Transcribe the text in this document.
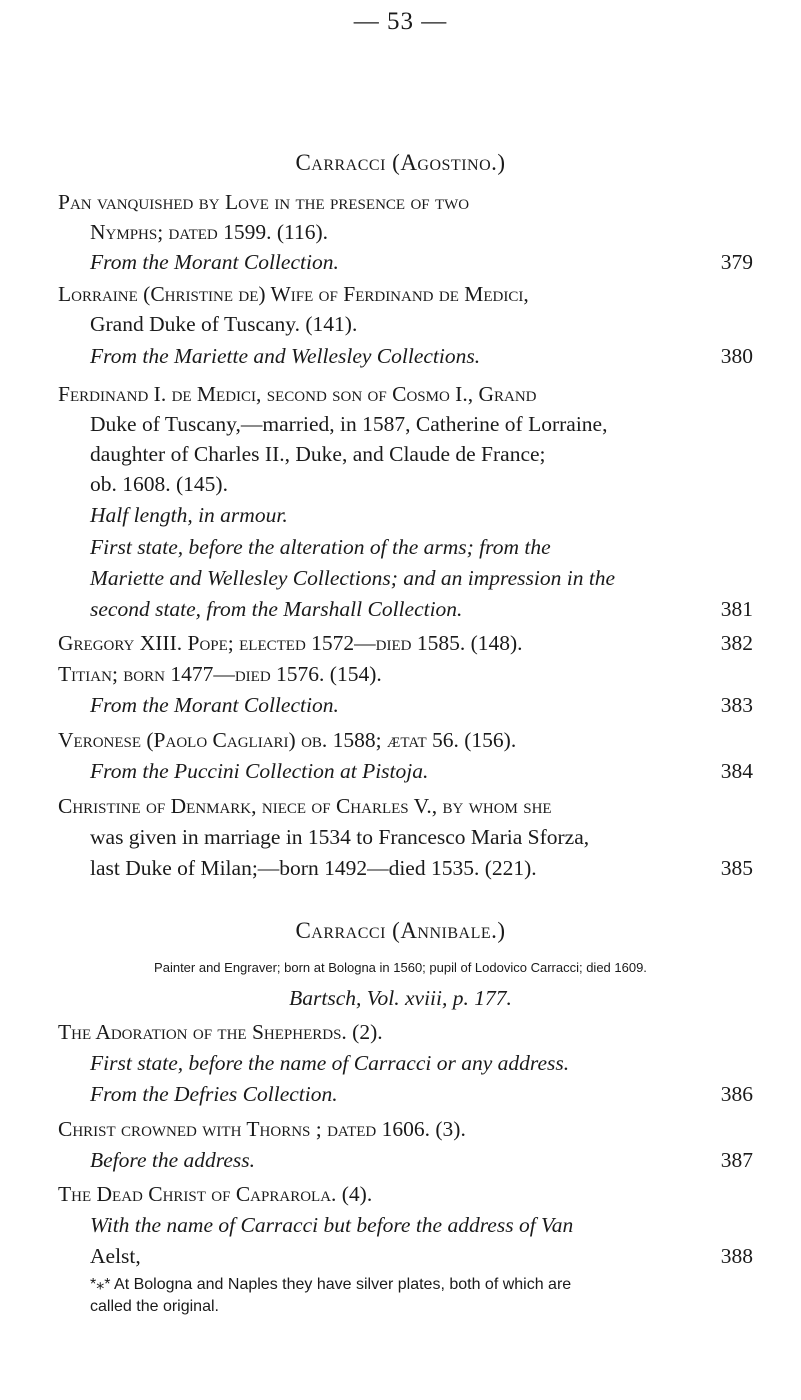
— 53 —
Carracci (Agostino.)
Pan vanquished by Love in the presence of two
Nymphs; dated 1599. (116).
From the Morant Collection.	379
Lorraine (Christine de) Wife of Ferdinand de Medici,
Grand Duke of Tuscany. (141).
From the Mariette and Wellesley Collections.	380
Ferdinand I. de Medici, second son of Cosmo I., Grand
Duke of Tuscany,—married, in 1587, Catherine of Lorraine,
daughter of Charles II., Duke, and Claude de France;
ob. 1608. (145).
Half length, in armour.
First state, before the alteration of the arms; from the
Mariette and Wellesley Collections; and an impression in the
second state, from the Marshall Collection.	381
Gregory XIII. Pope; elected 1572—died 1585. (148).	382
Titian; born 1477—died 1576. (154).
From the Morant Collection.	383
Veronese (Paolo Cagliari) ob. 1588; ætat 56. (156).
From the Puccini Collection at Pistoja.	384
Christine of Denmark, niece of Charles V., by whom she
was given in marriage in 1534 to Francesco Maria Sforza,
last Duke of Milan;—born 1492—died 1535. (221).	385
Carracci (Annibale.)
Painter and Engraver; born at Bologna in 1560; pupil of Lodovico Carracci; died 1609.
Bartsch, Vol. xviii, p. 177.
The Adoration of the Shepherds. (2).
First state, before the name of Carracci or any address.
From the Defries Collection.	386
Christ crowned with Thorns ; dated 1606. (3).
Before the address.	387
The Dead Christ of Caprarola. (4).
With the name of Carracci but before the address of Van
Aelst,	388
*⁎* At Bologna and Naples they have silver plates, both of which are
called the original.
